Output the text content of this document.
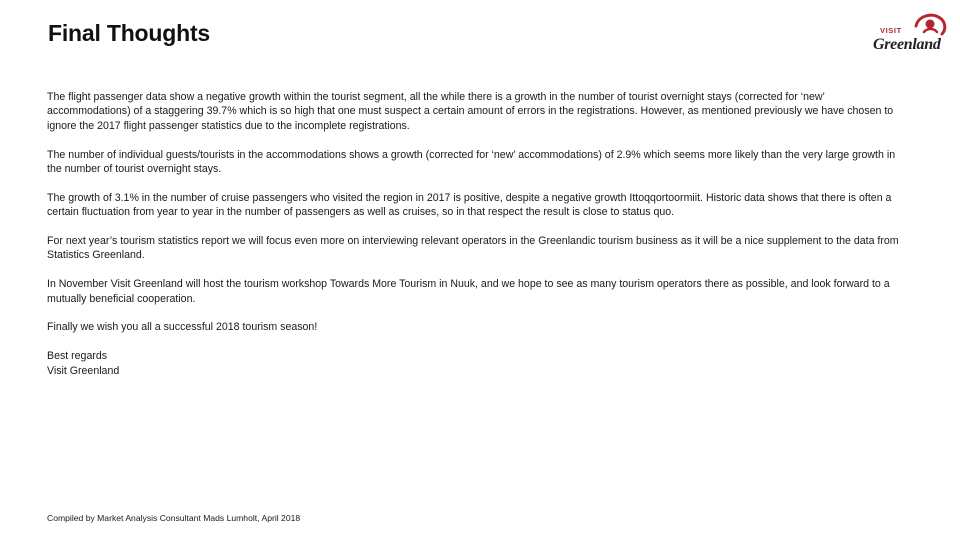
Final Thoughts	VISIT
Greenland

The flight passenger data show a negative growth within the tourist segment, all the while there is a growth in the number of tourist overnight stays (corrected for ‘new’ accommodations) of a staggering 39.7% which is so high that one must suspect a certain amount of errors in the registrations. However, as mentioned previously we have chosen to ignore the 2017 flight passenger statistics due to the incomplete registrations.

The number of individual guests/tourists in the accommodations shows a growth (corrected for ‘new’ accommodations) of 2.9% which seems more likely than the very large growth in the number of tourist overnight stays.

The growth of 3.1% in the number of cruise passengers who visited the region in 2017 is positive, despite a negative growth Ittoqqortoormiit. Historic data shows that there is often a certain fluctuation from year to year in the number of passengers as well as cruises, so in that respect the result is close to status quo.

For next year’s tourism statistics report we will focus even more on interviewing relevant operators in the Greenlandic tourism business as it will be a nice supplement to the data from Statistics Greenland.

In November Visit Greenland will host the tourism workshop Towards More Tourism in Nuuk, and we hope to see as many tourism operators there as possible, and look forward to a mutually beneficial cooperation.

Finally we wish you all a successful 2018 tourism season!

Best regards
Visit Greenland

Compiled by Market Analysis Consultant Mads Lumholt, April 2018
